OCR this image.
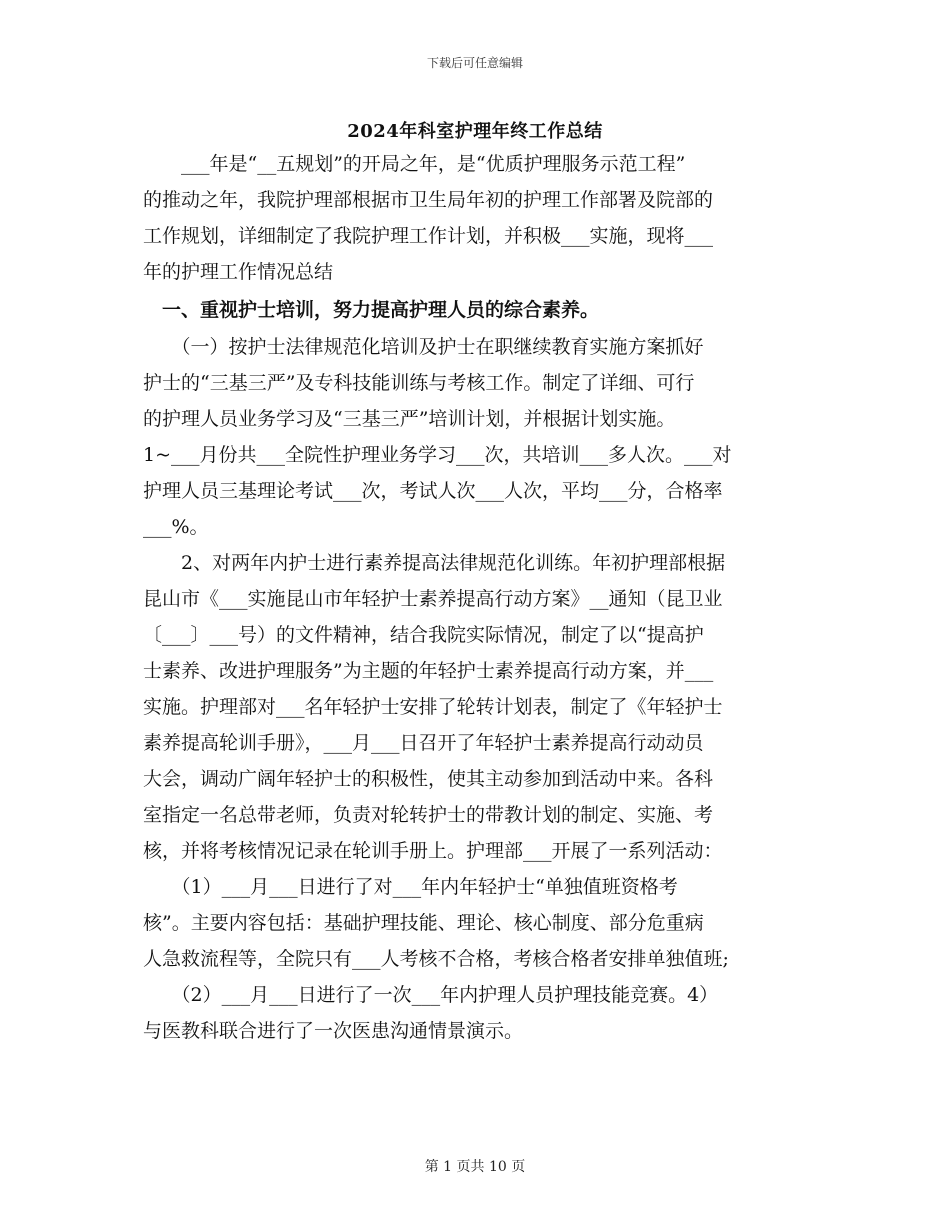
下载后可任意编辑
2024年科室护理年终工作总结
　　___年是“__五规划”的开局之年，是“优质护理服务示范工程”
的推动之年，我院护理部根据市卫生局年初的护理工作部署及院部的
工作规划，详细制定了我院护理工作计划，并积极___实施，现将___
年的护理工作情况总结
　一、重视护士培训，努力提高护理人员的综合素养。
　　（一）按护士法律规范化培训及护士在职继续教育实施方案抓好
护士的“三基三严”及专科技能训练与考核工作。制定了详细、可行
的护理人员业务学习及“三基三严”培训计划，并根据计划实施。
1~___月份共___全院性护理业务学习___次，共培训___多人次。___对
护理人员三基理论考试___次，考试人次___人次，平均___分，合格率
___%。
　　2、对两年内护士进行素养提高法律规范化训练。年初护理部根据
昆山市《___实施昆山市年轻护士素养提高行动方案》__通知（昆卫业
〔___〕___号）的文件精神，结合我院实际情况，制定了以“提高护
士素养、改进护理服务”为主题的年轻护士素养提高行动方案，并___
实施。护理部对___名年轻护士安排了轮转计划表，制定了《年轻护士
素养提高轮训手册》，___月___日召开了年轻护士素养提高行动动员
大会，调动广阔年轻护士的积极性，使其主动参加到活动中来。各科
室指定一名总带老师，负责对轮转护士的带教计划的制定、实施、考
核，并将考核情况记录在轮训手册上。护理部___开展了一系列活动：
　　（1）___月___日进行了对___年内年轻护士“单独值班资格考
核”。主要内容包括：基础护理技能、理论、核心制度、部分危重病
人急救流程等，全院只有___人考核不合格，考核合格者安排单独值班;
　　（2）___月___日进行了一次___年内护理人员护理技能竞赛。4）
与医教科联合进行了一次医患沟通情景演示。
第 1 页共 10 页
